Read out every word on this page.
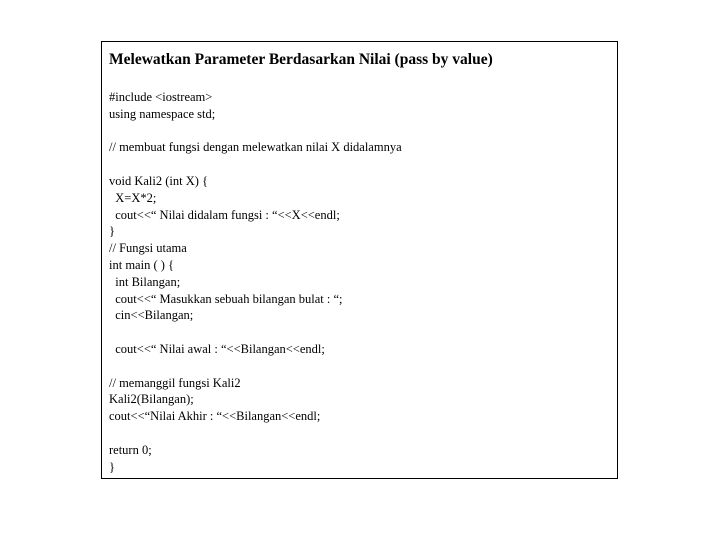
Melewatkan Parameter Berdasarkan Nilai (pass by value)
#include <iostream>
using namespace std;
// membuat fungsi dengan melewatkan nilai X didalamnya
void Kali2 (int X) {
X=X*2;
cout<<“ Nilai didalam fungsi : “<<X<<endl;
}
// Fungsi utama
int main ( ) {
int Bilangan;
cout<<“ Masukkan sebuah bilangan bulat : “;
cin<<Bilangan;
cout<<“ Nilai awal : “<<Bilangan<<endl;
// memanggil fungsi Kali2
Kali2(Bilangan);
cout<<“Nilai Akhir : “<<Bilangan<<endl;
return 0;
}
